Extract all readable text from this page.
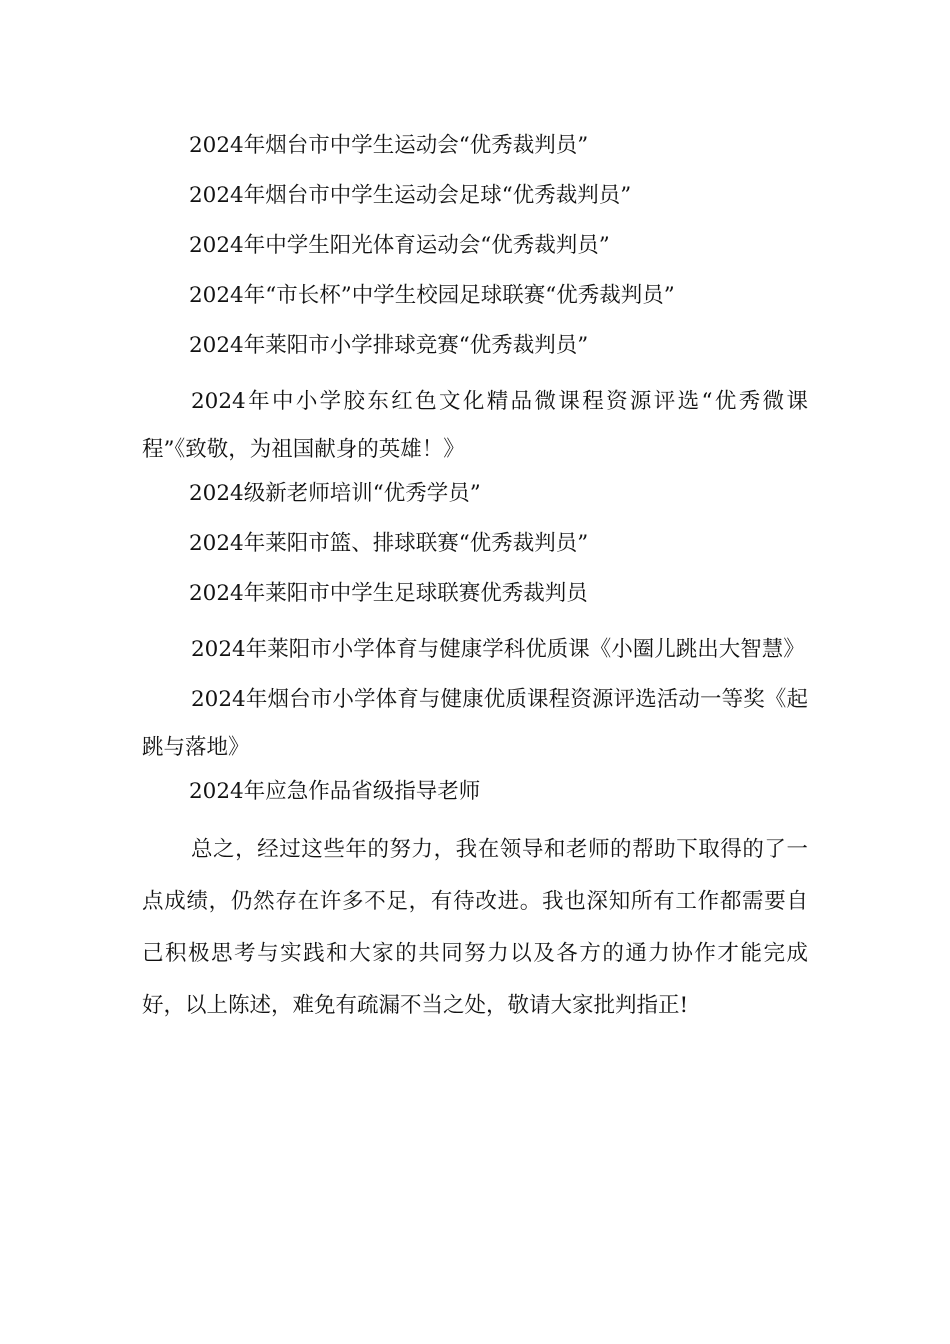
2024年烟台市中学生运动会“优秀裁判员”

2024年烟台市中学生运动会足球“优秀裁判员”

2024年中学生阳光体育运动会“优秀裁判员”

2024年“市长杯”中学生校园足球联赛“优秀裁判员”

2024年莱阳市小学排球竞赛“优秀裁判员”

2024年中小学胶东红色文化精品微课程资源评选“优秀微课程”《致敬，为祖国献身的英雄！》

2024级新老师培训“优秀学员”

2024年莱阳市篮、排球联赛“优秀裁判员”

2024年莱阳市中学生足球联赛优秀裁判员

2024年莱阳市小学体育与健康学科优质课《小圈儿跳出大智慧》

2024年烟台市小学体育与健康优质课程资源评选活动一等奖《起跳与落地》

2024年应急作品省级指导老师

总之，经过这些年的努力，我在领导和老师的帮助下取得的了一点成绩，仍然存在许多不足，有待改进。我也深知所有工作都需要自己积极思考与实践和大家的共同努力以及各方的通力协作才能完成好，以上陈述，难免有疏漏不当之处，敬请大家批判指正!
